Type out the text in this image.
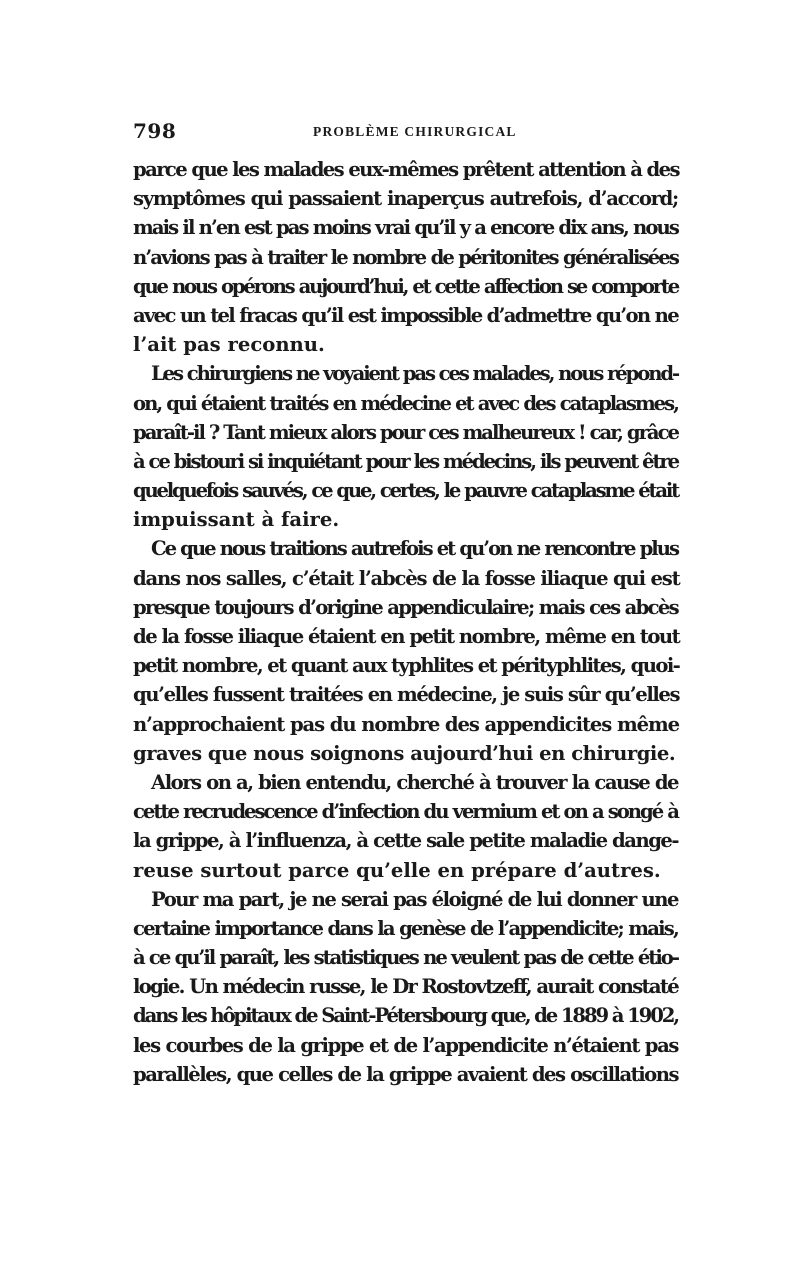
798	PROBLÈME CHIRURGICAL
parce que les malades eux-mêmes prêtent attention à des
symptômes qui passaient inaperçus autrefois, d’accord;
mais il n’en est pas moins vrai qu’il y a encore dix ans, nous
n’avions pas à traiter le nombre de péritonites généralisées
que nous opérons aujourd’hui, et cette affection se comporte
avec un tel fracas qu’il est impossible d’admettre qu’on ne
l’ait pas reconnu.
Les chirurgiens ne voyaient pas ces malades, nous répond-
on, qui étaient traités en médecine et avec des cataplasmes,
paraît-il ? Tant mieux alors pour ces malheureux ! car, grâce
à ce bistouri si inquiétant pour les médecins, ils peuvent être
quelquefois sauvés, ce que, certes, le pauvre cataplasme était
impuissant à faire.
Ce que nous traitions autrefois et qu’on ne rencontre plus
dans nos salles, c’était l’abcès de la fosse iliaque qui est
presque toujours d’origine appendiculaire; mais ces abcès
de la fosse iliaque étaient en petit nombre, même en tout
petit nombre, et quant aux typhlites et pérityphlites, quoi-
qu’elles fussent traitées en médecine, je suis sûr qu’elles
n’approchaient pas du nombre des appendicites même
graves que nous soignons aujourd’hui en chirurgie.
Alors on a, bien entendu, cherché à trouver la cause de
cette recrudescence d’infection du vermium et on a songé à
la grippe, à l’influenza, à cette sale petite maladie dange-
reuse surtout parce qu’elle en prépare d’autres.
Pour ma part, je ne serai pas éloigné de lui donner une
certaine importance dans la genèse de l’appendicite; mais,
à ce qu’il paraît, les statistiques ne veulent pas de cette étio-
logie. Un médecin russe, le Dr Rostovtzeff, aurait constaté
dans les hôpitaux de Saint-Pétersbourg que, de 1889 à 1902,
les courbes de la grippe et de l’appendicite n’étaient pas
parallèles, que celles de la grippe avaient des oscillations
